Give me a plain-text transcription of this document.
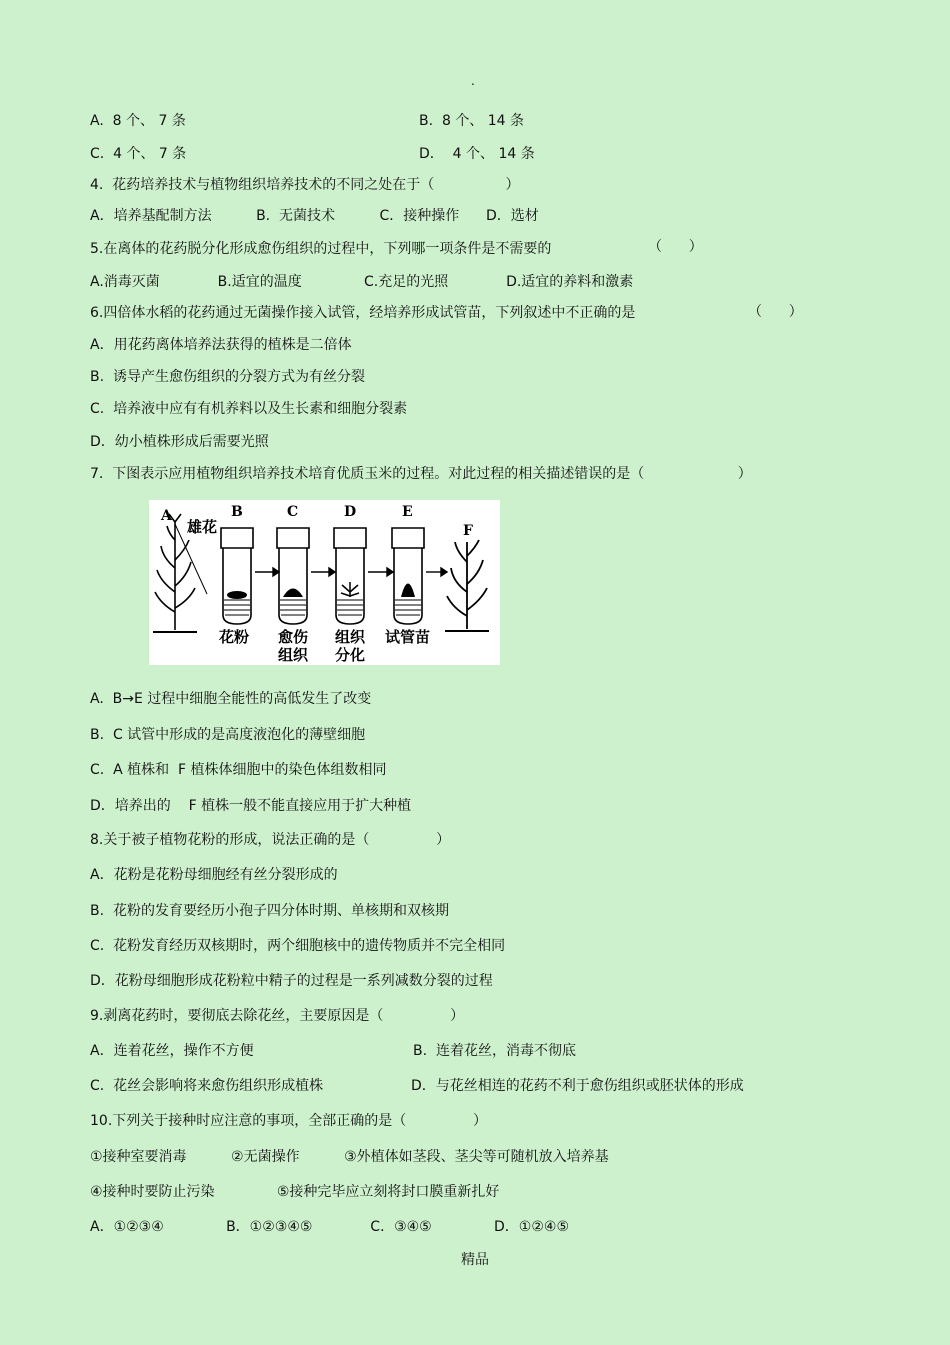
.
A.  8 个、 7 条	B.  8 个、 14 条
C.  4 个、 7 条	D．  4 个、 14 条
4.  花药培养技术与植物组织培养技术的不同之处在于（                ）
A．培养基配制方法          B.  无菌技术          C．接种操作      D．选材
5.在离体的花药脱分化形成愈伤组织的过程中，下列哪一项条件是不需要的	（      ）
A.消毒灭菌             B.适宜的温度              C.充足的光照             D.适宜的养料和激素
6.四倍体水稻的花药通过无菌操作接入试管，经培养形成试管苗，下列叙述中不正确的是	（      ）
A．用花药离体培养法获得的植株是二倍体
B.  诱导产生愈伤组织的分裂方式为有丝分裂
C.  培养液中应有有机养料以及生长素和细胞分裂素
D．幼小植株形成后需要光照
7.  下图表示应用植物组织培养技术培育优质玉米的过程。对此过程的相关描述错误的是（                     ）
A	B	C	D	E
F
雄花
花粉 愈伤
组织
组织
分化
试管苗
A.  B→E 过程中细胞全能性的高低发生了改变
B.  C 试管中形成的是高度液泡化的薄壁细胞
C.  A 植株和  F 植株体细胞中的染色体组数相同
D．培养出的    F 植株一般不能直接应用于扩大种植
8.关于被子植物花粉的形成，说法正确的是（               ）
A．花粉是花粉母细胞经有丝分裂形成的
B.  花粉的发育要经历小孢子四分体时期、单核期和双核期
C.  花粉发育经历双核期时，两个细胞核中的遗传物质并不完全相同
D．花粉母细胞形成花粉粒中精子的过程是一系列减数分裂的过程
9.剥离花药时，要彻底去除花丝，主要原因是（               ）
A．连着花丝，操作不方便	B.  连着花丝，消毒不彻底
C.  花丝会影响将来愈伤组织形成植株	D．与花丝相连的花药不利于愈伤组织或胚状体的形成
10.下列关于接种时应注意的事项，全部正确的是（               ）
①接种室要消毒          ②无菌操作          ③外植体如茎段、茎尖等可随机放入培养基
④接种时要防止污染              ⑤接种完毕应立刻将封口膜重新扎好
A．①②③④              B．①②③④⑤             C．③④⑤              D．①②④⑤
精品
